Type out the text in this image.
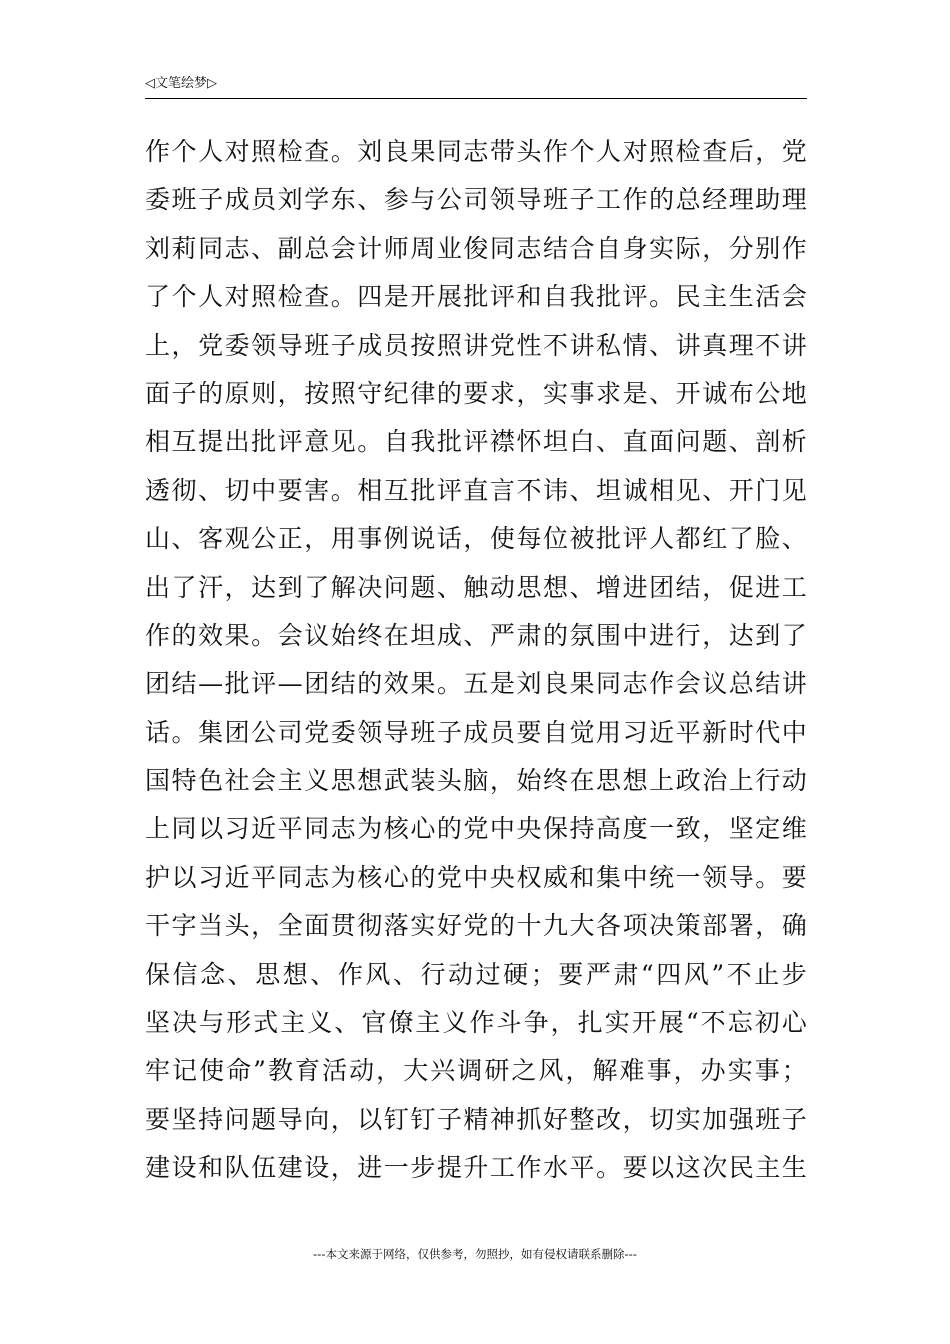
◁文笔绘梦▷
作个人对照检查。刘良果同志带头作个人对照检查后，党
委班子成员刘学东、参与公司领导班子工作的总经理助理
刘莉同志、副总会计师周业俊同志结合自身实际，分别作
了个人对照检查。四是开展批评和自我批评。民主生活会
上，党委领导班子成员按照讲党性不讲私情、讲真理不讲
面子的原则，按照守纪律的要求，实事求是、开诚布公地
相互提出批评意见。自我批评襟怀坦白、直面问题、剖析
透彻、切中要害。相互批评直言不讳、坦诚相见、开门见
山、客观公正，用事例说话，使每位被批评人都红了脸、
出了汗，达到了解决问题、触动思想、增进团结，促进工
作的效果。会议始终在坦成、严肃的氛围中进行，达到了
团结—批评—团结的效果。五是刘良果同志作会议总结讲
话。集团公司党委领导班子成员要自觉用习近平新时代中
国特色社会主义思想武装头脑，始终在思想上政治上行动
上同以习近平同志为核心的党中央保持高度一致，坚定维
护以习近平同志为核心的党中央权威和集中统一领导。要
干字当头，全面贯彻落实好党的十九大各项决策部署，确
保信念、思想、作风、行动过硬；要严肃“四风”不止步
坚决与形式主义、官僚主义作斗争，扎实开展“不忘初心
牢记使命”教育活动，大兴调研之风，解难事，办实事；
要坚持问题导向，以钉钉子精神抓好整改，切实加强班子
建设和队伍建设，进一步提升工作水平。要以这次民主生
---本文来源于网络，仅供参考，勿照抄，如有侵权请联系删除---
